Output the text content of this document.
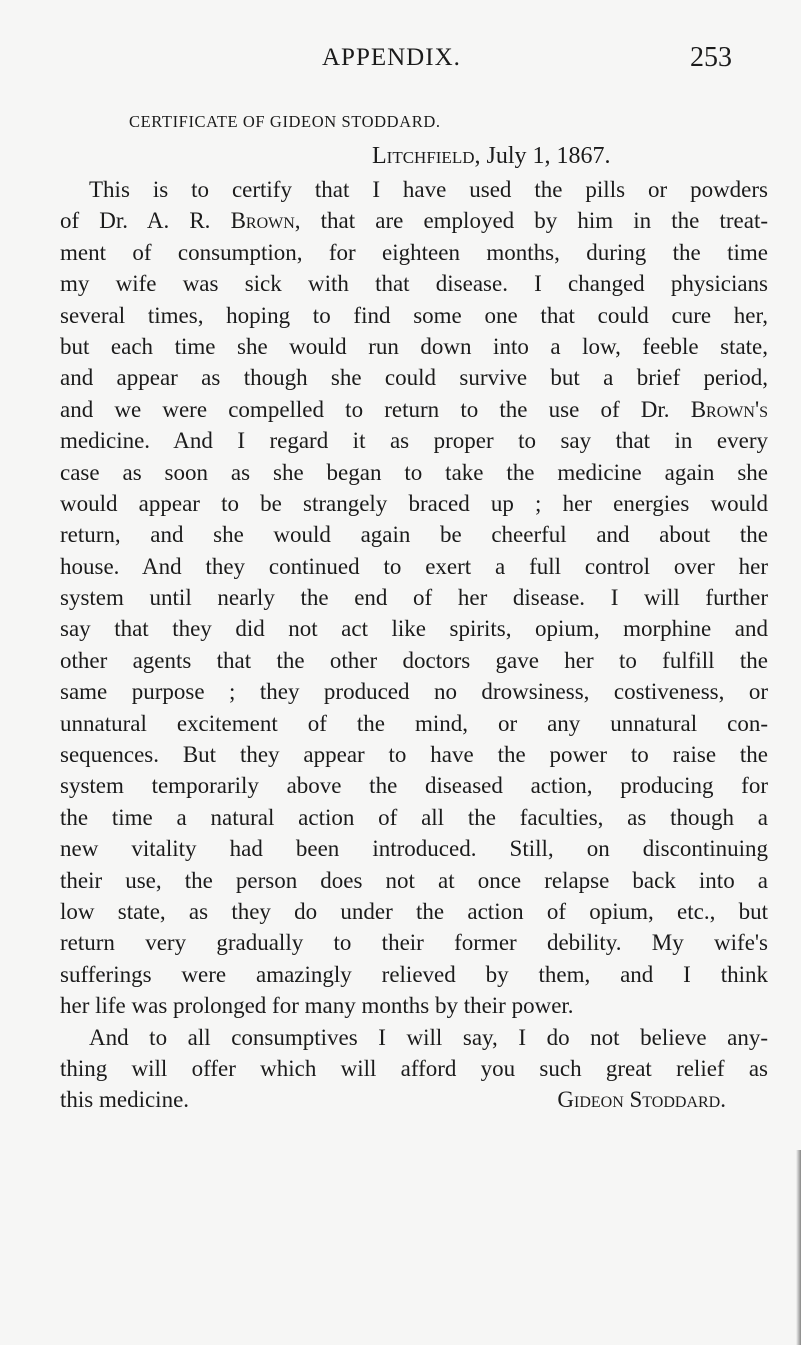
APPENDIX.	253
CERTIFICATE OF GIDEON STODDARD.
Litchfield, July 1, 1867.
This is to certify that I have used the pills or powders
of Dr. A. R. Brown, that are employed by him in the treat-
ment of consumption, for eighteen months, during the time
my wife was sick with that disease. I changed physicians
several times, hoping to find some one that could cure her,
but each time she would run down into a low, feeble state,
and appear as though she could survive but a brief period,
and we were compelled to return to the use of Dr. Brown's
medicine. And I regard it as proper to say that in every
case as soon as she began to take the medicine again she
would appear to be strangely braced up ; her energies would
return, and she would again be cheerful and about the
house. And they continued to exert a full control over her
system until nearly the end of her disease. I will further
say that they did not act like spirits, opium, morphine and
other agents that the other doctors gave her to fulfill the
same purpose ; they produced no drowsiness, costiveness, or
unnatural excitement of the mind, or any unnatural con-
sequences. But they appear to have the power to raise the
system temporarily above the diseased action, producing for
the time a natural action of all the faculties, as though a
new vitality had been introduced. Still, on discontinuing
their use, the person does not at once relapse back into a
low state, as they do under the action of opium, etc., but
return very gradually to their former debility. My wife's
sufferings were amazingly relieved by them, and I think
her life was prolonged for many months by their power.
And to all consumptives I will say, I do not believe any-
thing will offer which will afford you such great relief as
this medicine.	Gideon Stoddard.
